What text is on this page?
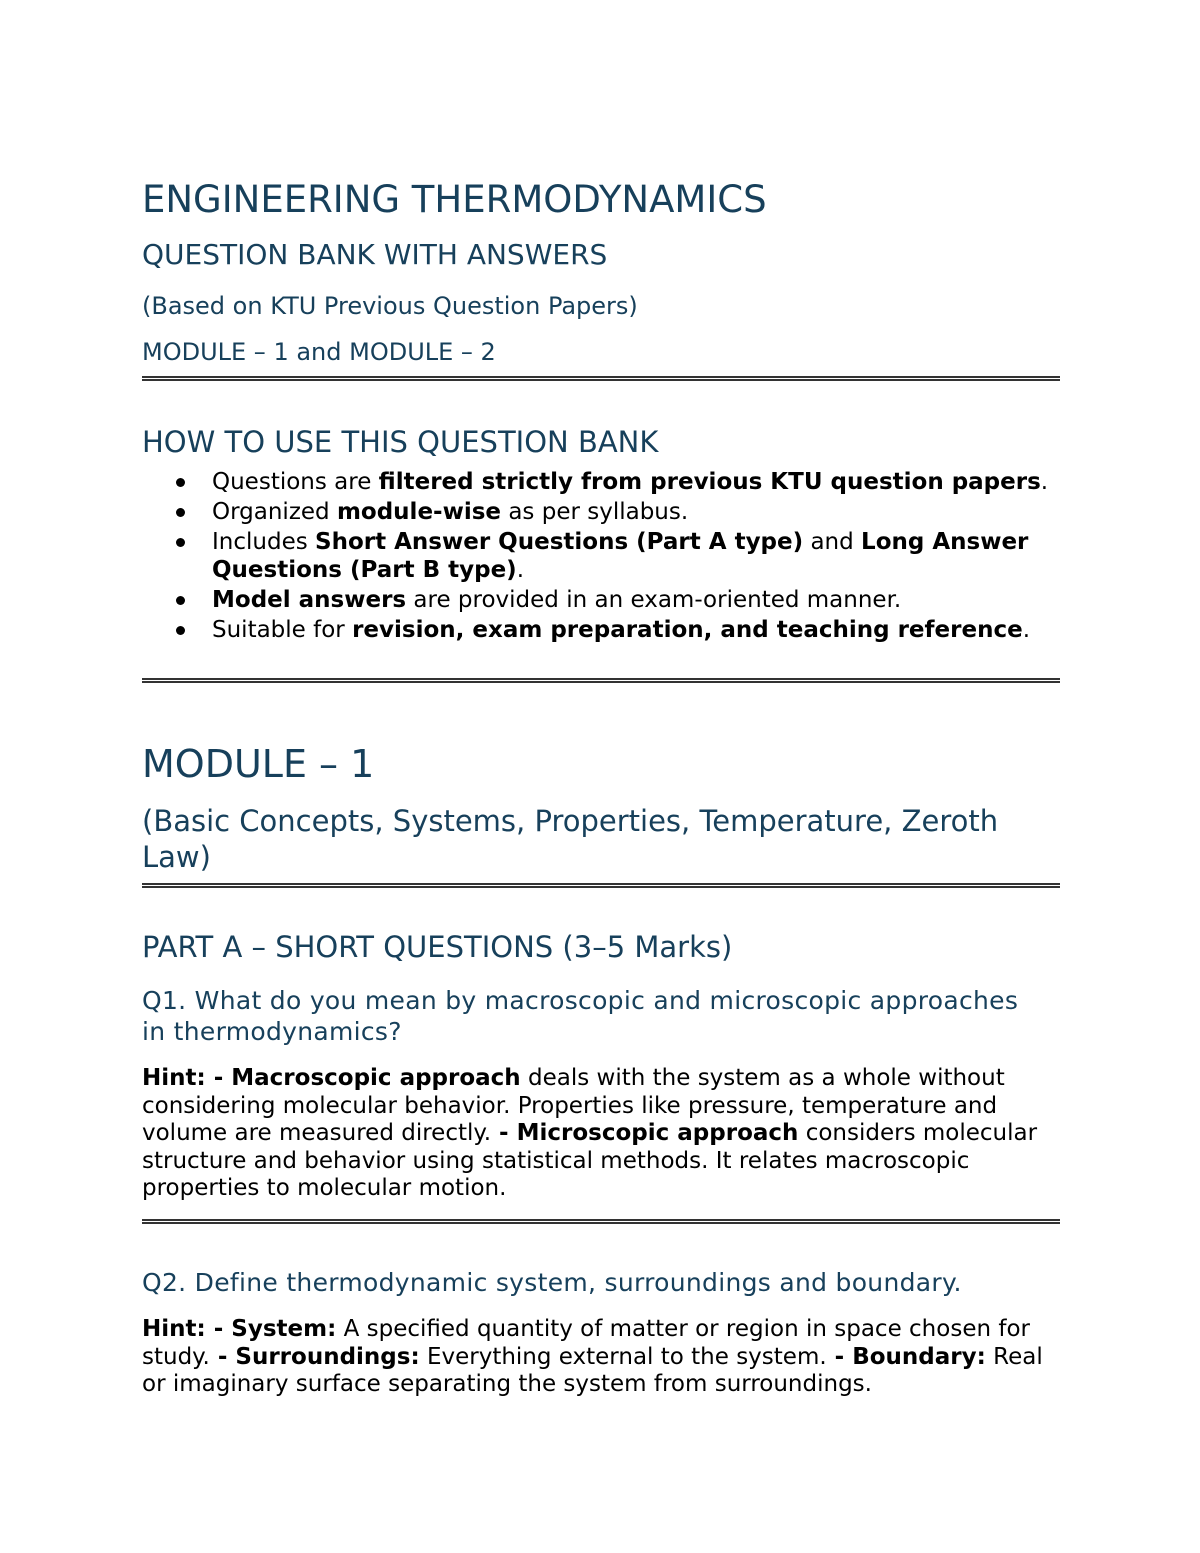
ENGINEERING THERMODYNAMICS
QUESTION BANK WITH ANSWERS
(Based on KTU Previous Question Papers)
MODULE – 1 and MODULE – 2
HOW TO USE THIS QUESTION BANK
Questions are filtered strictly from previous KTU question papers.
Organized module-wise as per syllabus.
Includes Short Answer Questions (Part A type) and Long Answer Questions (Part B type).
Model answers are provided in an exam-oriented manner.
Suitable for revision, exam preparation, and teaching reference.
MODULE – 1
(Basic Concepts, Systems, Properties, Temperature, Zeroth Law)
PART A – SHORT QUESTIONS (3–5 Marks)
Q1. What do you mean by macroscopic and microscopic approaches in thermodynamics?
Hint: - Macroscopic approach deals with the system as a whole without considering molecular behavior. Properties like pressure, temperature and volume are measured directly. - Microscopic approach considers molecular structure and behavior using statistical methods. It relates macroscopic properties to molecular motion.
Q2. Define thermodynamic system, surroundings and boundary.
Hint: - System: A specified quantity of matter or region in space chosen for study. - Surroundings: Everything external to the system. - Boundary: Real or imaginary surface separating the system from surroundings.
